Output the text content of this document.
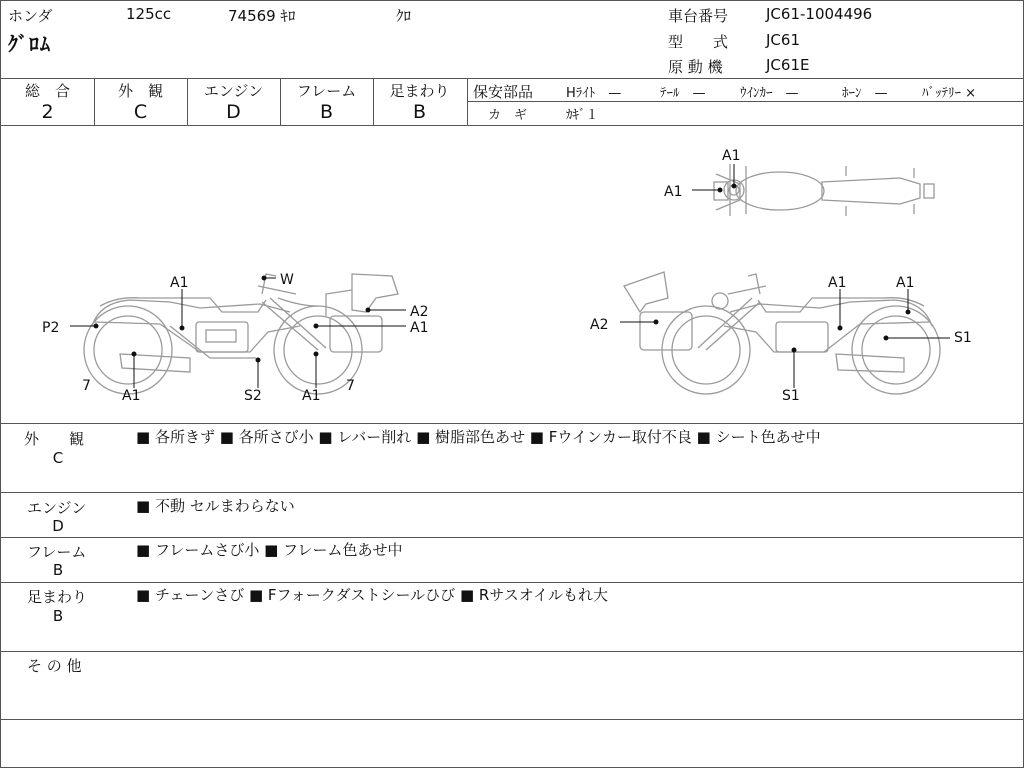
ホンダ	125cc	74569 ｷﾛ	ｸﾛ
ｸﾞﾛﾑ
車台番号	JC61-1004496
型　　式	JC61
原 動 機	JC61E
総　合
2
外　観
C
エンジン
D
フレーム
B
足まわり
B
保安部品	Hﾗｲﾄ　—	ﾃｰﾙ　—	ｳｲﾝｶｰ　—	ﾎｰﾝ　—	ﾊﾞｯﾃﾘｰ ×
カ　ギ	ｶｷﾞ１
P2
A1	W
A2
A1
7
A1	S2	A1
7
A2
A1	A1
S1
S1
A1
A1
外　　観
C
■ 各所きず ■ 各所さび小 ■ レバー削れ ■ 樹脂部色あせ ■ Fウインカー取付不良 ■ シート色あせ中
エンジン
D
■ 不動 セルまわらない
フレーム
B
■ フレームさび小 ■ フレーム色あせ中
足まわり
B
■ チェーンさび ■ Fフォークダストシールひび ■ Rサスオイルもれ大
そ の 他
